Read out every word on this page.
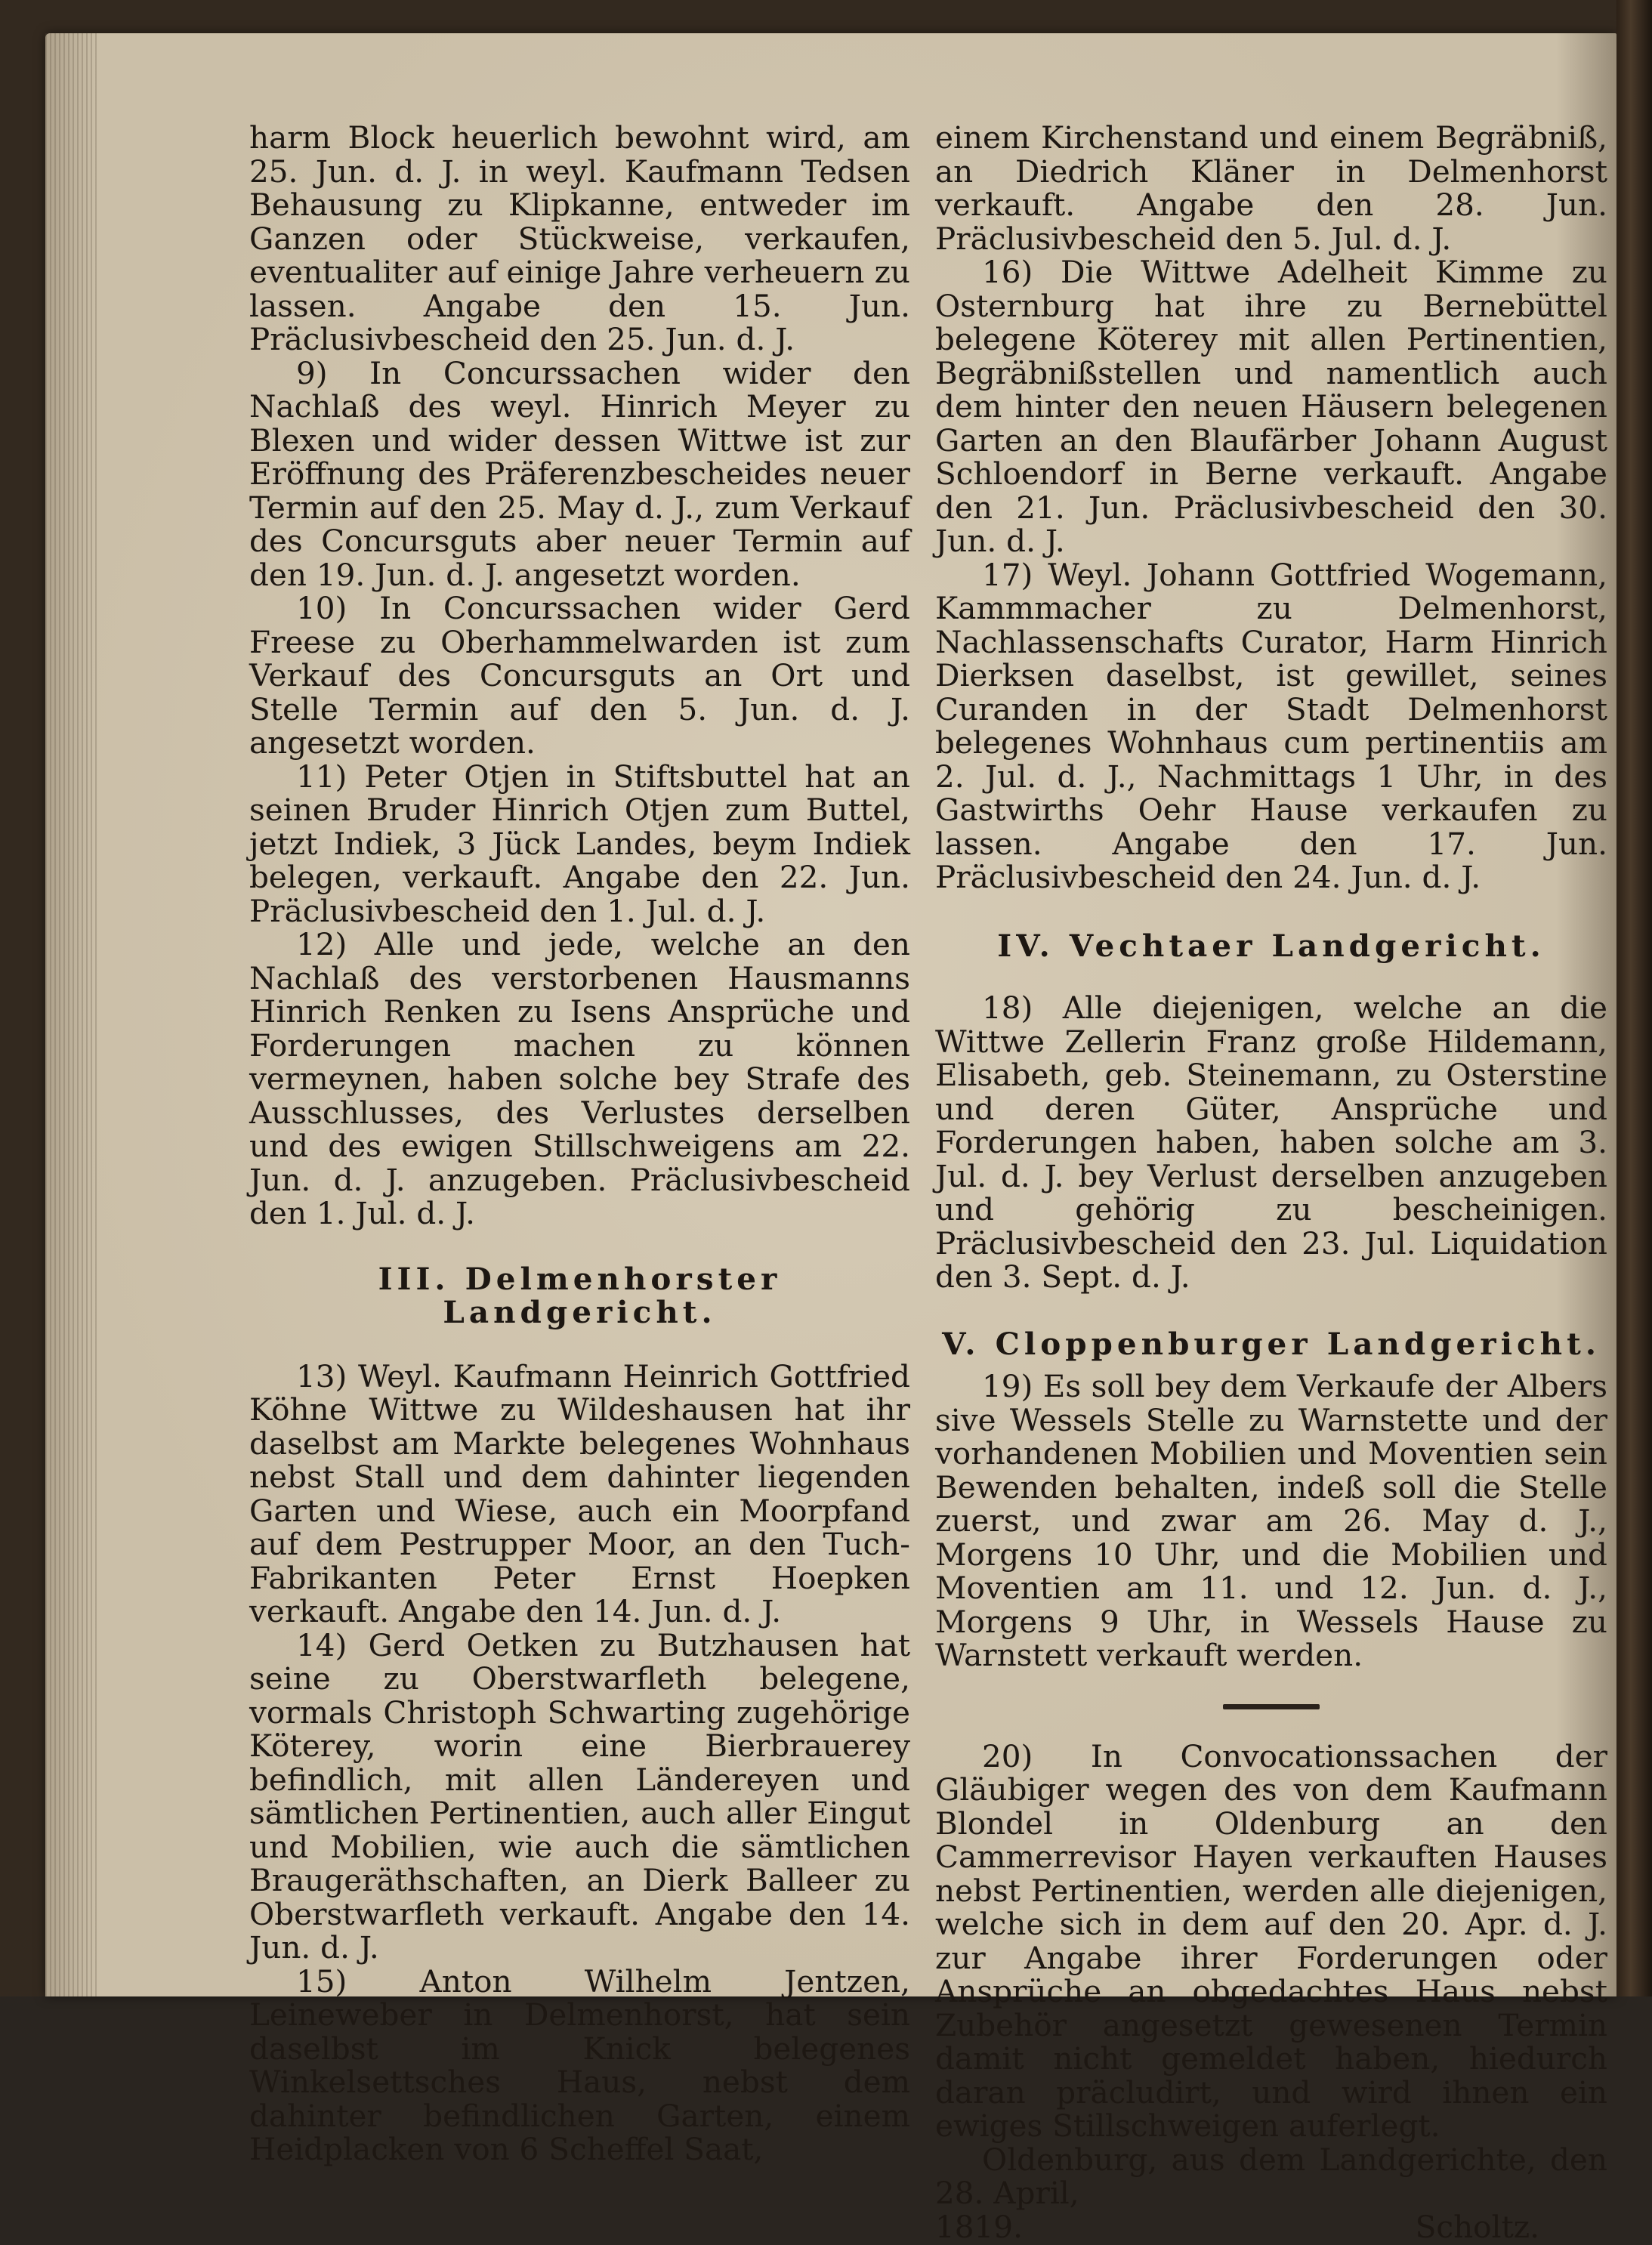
harm Block heuerlich bewohnt wird, am 25. Jun. d. J. in weyl. Kaufmann Tedsen Behausung zu Klipkanne, entweder im Ganzen oder Stückweise, verkaufen, eventualiter auf einige Jahre verheuern zu lassen. Angabe den 15. Jun. Präclusivbescheid den 25. Jun. d. J.

9) In Concurssachen wider den Nachlaß des weyl. Hinrich Meyer zu Blexen und wider dessen Wittwe ist zur Eröffnung des Präferenzbescheides neuer Termin auf den 25. May d. J., zum Verkauf des Concursguts aber neuer Termin auf den 19. Jun. d. J. angesetzt worden.

10) In Concurssachen wider Gerd Freese zu Oberhammelwarden ist zum Verkauf des Concursguts an Ort und Stelle Termin auf den 5. Jun. d. J. angesetzt worden.

11) Peter Otjen in Stiftsbuttel hat an seinen Bruder Hinrich Otjen zum Buttel, jetzt Indiek, 3 Jück Landes, beym Indiek belegen, verkauft. Angabe den 22. Jun. Präclusivbescheid den 1. Jul. d. J.

12) Alle und jede, welche an den Nachlaß des verstorbenen Hausmanns Hinrich Renken zu Isens Ansprüche und Forderungen machen zu können vermeynen, haben solche bey Strafe des Ausschlusses, des Verlustes derselben und des ewigen Stillschweigens am 22. Jun. d. J. anzugeben. Präclusivbescheid den 1. Jul. d. J.

III. Delmenhorster Landgericht.

13) Weyl. Kaufmann Heinrich Gottfried Köhne Wittwe zu Wildeshausen hat ihr daselbst am Markte belegenes Wohnhaus nebst Stall und dem dahinter liegenden Garten und Wiese, auch ein Moorpfand auf dem Pestrupper Moor, an den Tuch-Fabrikanten Peter Ernst Hoepken verkauft. Angabe den 14. Jun. d. J.

14) Gerd Oetken zu Butzhausen hat seine zu Oberstwarfleth belegene, vormals Christoph Schwarting zugehörige Köterey, worin eine Bierbrauerey befindlich, mit allen Ländereyen und sämtlichen Pertinentien, auch aller Eingut und Mobilien, wie auch die sämtlichen Braugeräthschaften, an Dierk Balleer zu Oberstwarfleth verkauft. Angabe den 14. Jun. d. J.

15) Anton Wilhelm Jentzen, Leineweber in Delmenhorst, hat sein daselbst im Knick belegenes Winkelsettsches Haus, nebst dem dahinter befindlichen Garten, einem Heidplacken von 6 Scheffel Saat,

einem Kirchenstand und einem Begräbniß, an Diedrich Kläner in Delmenhorst verkauft. Angabe den 28. Jun. Präclusivbescheid den 5. Jul. d. J.

16) Die Wittwe Adelheit Kimme zu Osternburg hat ihre zu Bernebüttel belegene Köterey mit allen Pertinentien, Begräbnißstellen und namentlich auch dem hinter den neuen Häusern belegenen Garten an den Blaufärber Johann August Schloendorf in Berne verkauft. Angabe den 21. Jun. Präclusivbescheid den 30. Jun. d. J.

17) Weyl. Johann Gottfried Wogemann, Kammmacher zu Delmenhorst, Nachlassenschafts Curator, Harm Hinrich Dierksen daselbst, ist gewillet, seines Curanden in der Stadt Delmenhorst belegenes Wohnhaus cum pertinentiis am 2. Jul. d. J., Nachmittags 1 Uhr, in des Gastwirths Oehr Hause verkaufen zu lassen. Angabe den 17. Jun. Präclusivbescheid den 24. Jun. d. J.

IV. Vechtaer Landgericht.

18) Alle diejenigen, welche an die Wittwe Zellerin Franz große Hildemann, Elisabeth, geb. Steinemann, zu Osterstine und deren Güter, Ansprüche und Forderungen haben, haben solche am 3. Jul. d. J. bey Verlust derselben anzugeben und gehörig zu bescheinigen. Präclusivbescheid den 23. Jul. Liquidation den 3. Sept. d. J.

V. Cloppenburger Landgericht.

19) Es soll bey dem Verkaufe der Albers sive Wessels Stelle zu Warnstette und der vorhandenen Mobilien und Moventien sein Bewenden behalten, indeß soll die Stelle zuerst, und zwar am 26. May d. J., Morgens 10 Uhr, und die Mobilien und Moventien am 11. und 12. Jun. d. J., Morgens 9 Uhr, in Wessels Hause zu Warnstett verkauft werden.

20) In Convocationssachen der Gläubiger wegen des von dem Kaufmann Blondel in Oldenburg an den Cammerrevisor Hayen verkauften Hauses nebst Pertinentien, werden alle diejenigen, welche sich in dem auf den 20. Apr. d. J. zur Angabe ihrer Forderungen oder Ansprüche an obgedachtes Haus nebst Zubehör angesetzt gewesenen Termin damit nicht gemeldet haben, hiedurch daran präcludirt, und wird ihnen ein ewiges Stillschweigen auferlegt.

Oldenburg, aus dem Landgerichte, den 28. April,

1819.	Scholtz.
